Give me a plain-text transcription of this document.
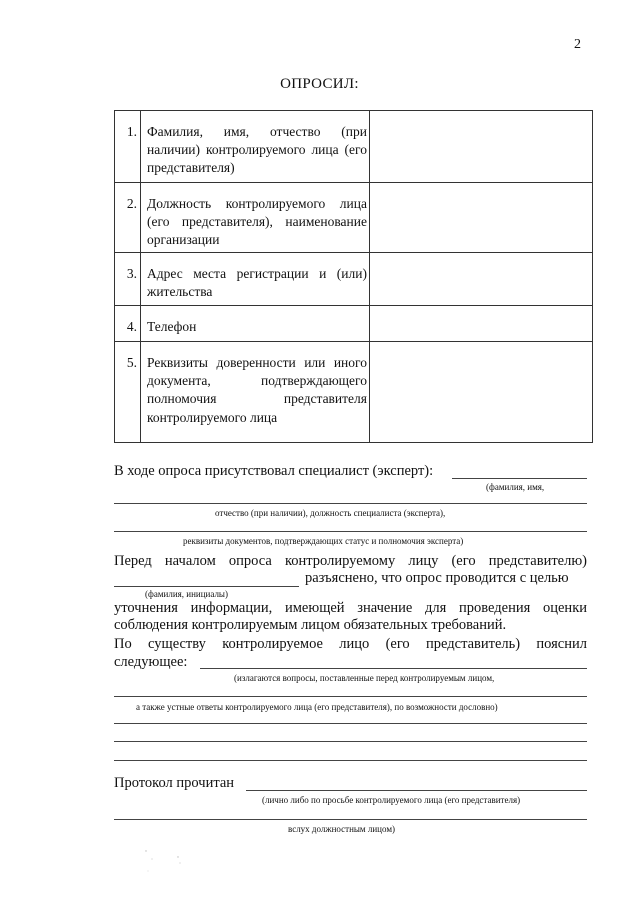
2
ОПРОСИЛ:
1.	Фамилия, имя, отчество (при наличии) контролируемого лица (его представителя)	
2.	Должность контролируемого лица (его представителя), наименование организации	
3.	Адрес места регистрации и (или) жительства	
4.	Телефон	
5.	Реквизиты доверенности или иного документа, подтверждающего полномочия представителя контролируемого лица	
В ходе опроса присутствовал специалист (эксперт):
(фамилия, имя,
отчество (при наличии), должность специалиста (эксперта),
реквизиты документов, подтверждающих статус и полномочия эксперта)
Перед началом опроса контролируемому лицу (его представителю)
разъяснено, что опрос проводится с целью
(фамилия, инициалы)
уточнения информации, имеющей значение для проведения оценки
соблюдения контролируемым лицом обязательных требований.
По существу контролируемое лицо (его представитель) пояснил
следующее:
(излагаются вопросы, поставленные перед контролируемым лицом,
а также устные ответы контролируемого лица (его представителя), по возможности дословно)
Протокол прочитан
(лично либо по просьбе контролируемого лица (его представителя)
вслух должностным лицом)
